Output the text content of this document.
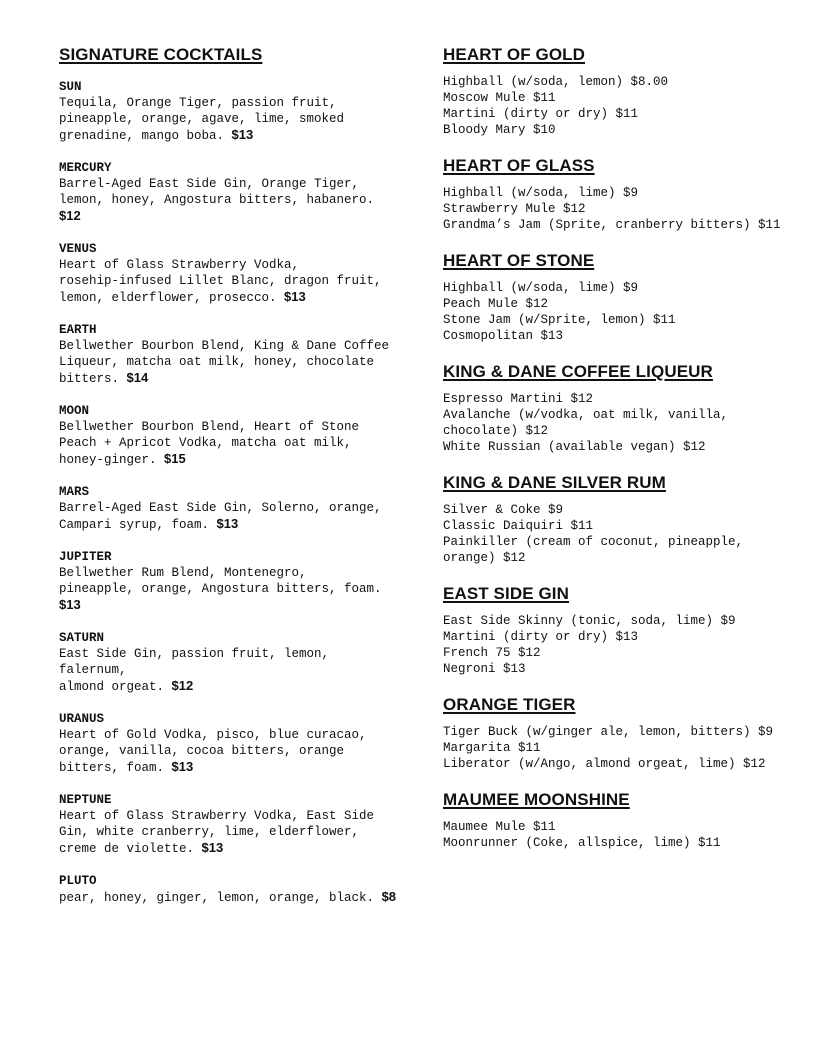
SIGNATURE COCKTAILS

SUN

Tequila, Orange Tiger, passion fruit,
pineapple, orange, agave, lime, smoked
grenadine, mango boba. $13

MERCURY

Barrel-Aged East Side Gin, Orange Tiger,
lemon, honey, Angostura bitters, habanero.
$12

VENUS

Heart of Glass Strawberry Vodka,
rosehip-infused Lillet Blanc, dragon fruit,
lemon, elderflower, prosecco. $13

EARTH

Bellwether Bourbon Blend, King & Dane Coffee
Liqueur, matcha oat milk, honey, chocolate
bitters. $14

MOON

Bellwether Bourbon Blend, Heart of Stone
Peach + Apricot Vodka, matcha oat milk,
honey-ginger. $15

MARS

Barrel-Aged East Side Gin, Solerno, orange,
Campari syrup, foam. $13

JUPITER

Bellwether Rum Blend, Montenegro,
pineapple, orange, Angostura bitters, foam.
$13

SATURN

East Side Gin, passion fruit, lemon,
falernum,
almond orgeat. $12

URANUS

Heart of Gold Vodka, pisco, blue curacao,
orange, vanilla, cocoa bitters, orange
bitters, foam. $13

NEPTUNE

Heart of Glass Strawberry Vodka, East Side
Gin, white cranberry, lime, elderflower,
creme de violette. $13

PLUTO

pear, honey, ginger, lemon, orange, black. $8

HEART OF GOLD

Highball (w/soda, lemon) $8.00

Moscow Mule $11

Martini (dirty or dry) $11

Bloody Mary $10

HEART OF GLASS

Highball (w/soda, lime) $9

Strawberry Mule $12

Grandma’s Jam (Sprite, cranberry bitters) $11

HEART OF STONE

Highball (w/soda, lime) $9

Peach Mule $12

Stone Jam (w/Sprite, lemon) $11

Cosmopolitan $13

KING & DANE COFFEE LIQUEUR

Espresso Martini $12

Avalanche (w/vodka, oat milk, vanilla,
chocolate) $12

White Russian (available vegan) $12

KING & DANE SILVER RUM

Silver & Coke $9

Classic Daiquiri $11

Painkiller (cream of coconut, pineapple,
orange) $12

EAST SIDE GIN

East Side Skinny (tonic, soda, lime) $9

Martini (dirty or dry) $13

French 75 $12

Negroni $13

ORANGE TIGER

Tiger Buck (w/ginger ale, lemon, bitters) $9

Margarita $11

Liberator (w/Ango, almond orgeat, lime) $12

MAUMEE MOONSHINE

Maumee Mule $11

Moonrunner (Coke, allspice, lime) $11
